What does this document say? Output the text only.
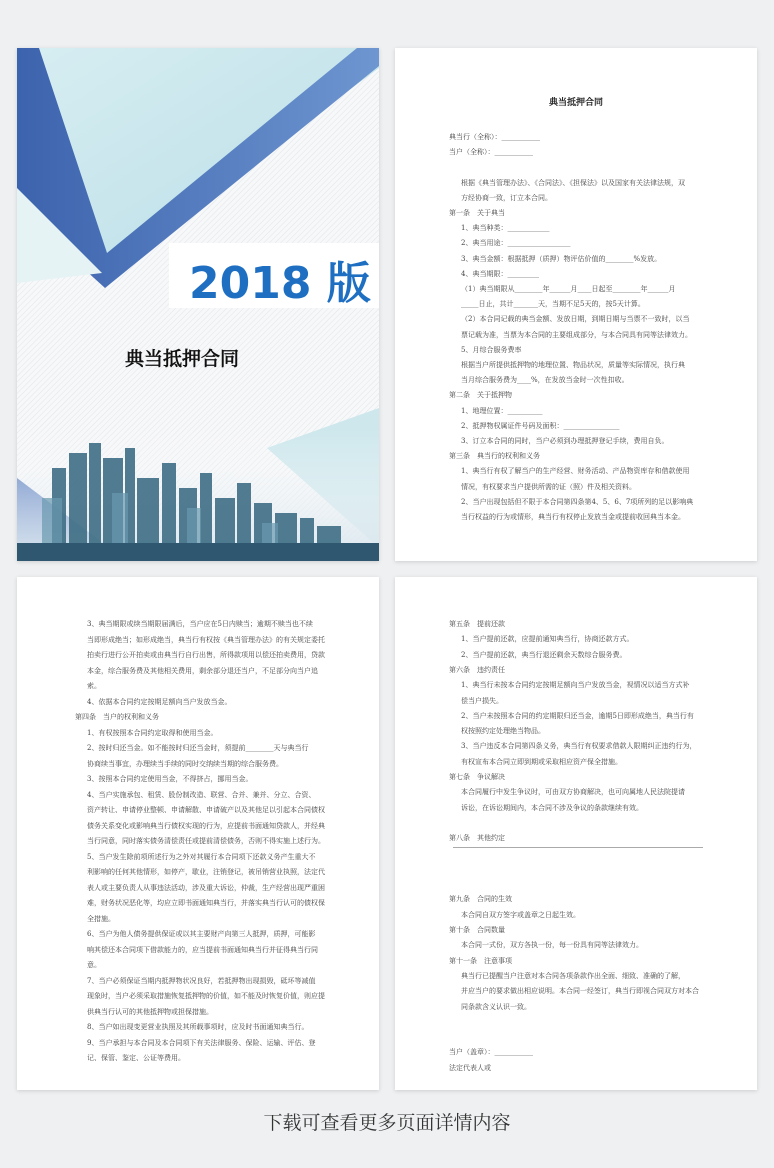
2018 版
典当抵押合同
典当抵押合同
典当行（全称）：___________
当户（全称）：___________
根据《典当管理办法》、《合同法》、《担保法》以及国家有关法律法规，双
方经协商一致，订立本合同。
第一条　关于典当
1、典当种类：____________
2、典当用途：__________________
3、典当金额：根据抵押（质押）物评估价值的________%发放。
4、典当期限：_________
（1）典当期限从________年______月____日起至________年______月
_____日止，共计_______天，当期不足5天的，按5天计算。
（2）本合同记载的典当金额、发放日期，到期日期与当票不一致时，以当
票记载为准，当票为本合同的主要组成部分，与本合同具有同等法律效力。
5、月综合服务费率
根据当户所提供抵押物的地理位置、物品状况，质量等实际情况，执行典
当月综合服务费为____%，在发放当金时一次性扣收。
第二条　关于抵押物
1、地理位置：__________
2、抵押物权属证件号码及面积：________________
3、订立本合同的同时，当户必须到办理抵押登记手续，费用自负。
第三条　典当行的权利和义务
1、典当行有权了解当户的生产经营、财务活动、产品物资库存和借款使用
情况，有权要求当户提供所需的证（照）件及相关资料。
2、当户出现包括但不限于本合同第四条第4、5、6、7项所列的足以影响典
当行权益的行为或情形，典当行有权停止发放当金或提前收回典当本金。
3、典当期限或续当期限届满后，当户应在5日内赎当；逾期不赎当也不续
当即形成绝当；如形成绝当，典当行有权按《典当管理办法》的有关规定委托
拍卖行进行公开拍卖或由典当行自行出售，所得款项用以偿还拍卖费用，贷款
本金，综合服务费及其他相关费用，剩余部分退还当户，不足部分向当户追
索。
4、依据本合同约定按期足额向当户发放当金。
第四条　当户的权利和义务
1、有权按照本合同约定取得和使用当金。
2、按时归还当金。如不能按时归还当金时，须提前________天与典当行
协商续当事宜，办理续当手续的同时交纳续当期的综合服务费。
3、按照本合同约定使用当金，不得挤占，挪用当金。
4、当户实施承包、租赁、股份制改造、联营、合并、兼并、分立、合资、
资产转让、申请停业整顿、申请解散、申请破产以及其他足以引起本合同债权
债务关系变化或影响典当行债权实现的行为，应提前书面通知贷款人，并经典
当行同意，同时落实债务清偿责任或提前清偿债务，否则不得实施上述行为。
5、当户发生除前项所述行为之外对其履行本合同项下还款义务产生重大不
利影响的任何其他情形，如停产，歇业，注销登记，被吊销营业执照，法定代
表人或主要负责人从事违法活动，涉及重大诉讼，仲裁，生产经营出现严重困
难，财务状况恶化等，均应立即书面通知典当行，并落实典当行认可的债权保
全措施。
6、当户为他人债务提供保证或以其主要财产向第三人抵押，质押，可能影
响其偿还本合同项下借款能力的，应当提前书面通知典当行并征得典当行同
意。
7、当户必须保证当期内抵押物状况良好，若抵押物出现损毁，砥坏等减值
现象时，当户必须采取措施恢复抵押物的价值，如不能及时恢复价值，则应提
供典当行认可的其他抵押物或担保措施。
8、当户如出现变更营业执照及其所载事项时，应及时书面通知典当行。
9、当户承担与本合同及本合同项下有关法律服务、保险、运输、评估、登
记、保管、鉴定、公证等费用。
第五条　提前还款
1、当户提前还款，应提前通知典当行，协商还款方式。
2、当户提前还款，典当行退还剩余天数综合服务费。
第六条　违约责任
1、典当行未按本合同约定按期足额向当户发放当金，视情况以适当方式补
偿当户损失。
2、当户未按照本合同的约定期限归还当金，逾期5日即形成绝当，典当行有
权按照约定处理绝当物品。
3、当户违反本合同第四条义务，典当行有权要求借款人限期纠正违约行为，
有权宣布本合同立即到期或采取相应资产保全措施。
第七条　争议解决
本合同履行中发生争议时，可由双方协商解决，也可向属地人民法院提请
诉讼，在诉讼期间内，本合同不涉及争议的条款继续有效。
第八条　其他约定
第九条　合同的生效
本合同自双方签字或盖章之日起生效。
第十条　合同数量
本合同一式份，双方各执一份，每一份具有同等法律效力。
第十一条　注意事项
典当行已提醒当户注意对本合同各项条款作出全面、细致、准确的了解，
并应当户的要求做出相应说明。本合同一经签订，典当行即视合同双方对本合
同条款含义认识一致。
当户（盖章）：___________
法定代表人或
下载可查看更多页面详情内容
